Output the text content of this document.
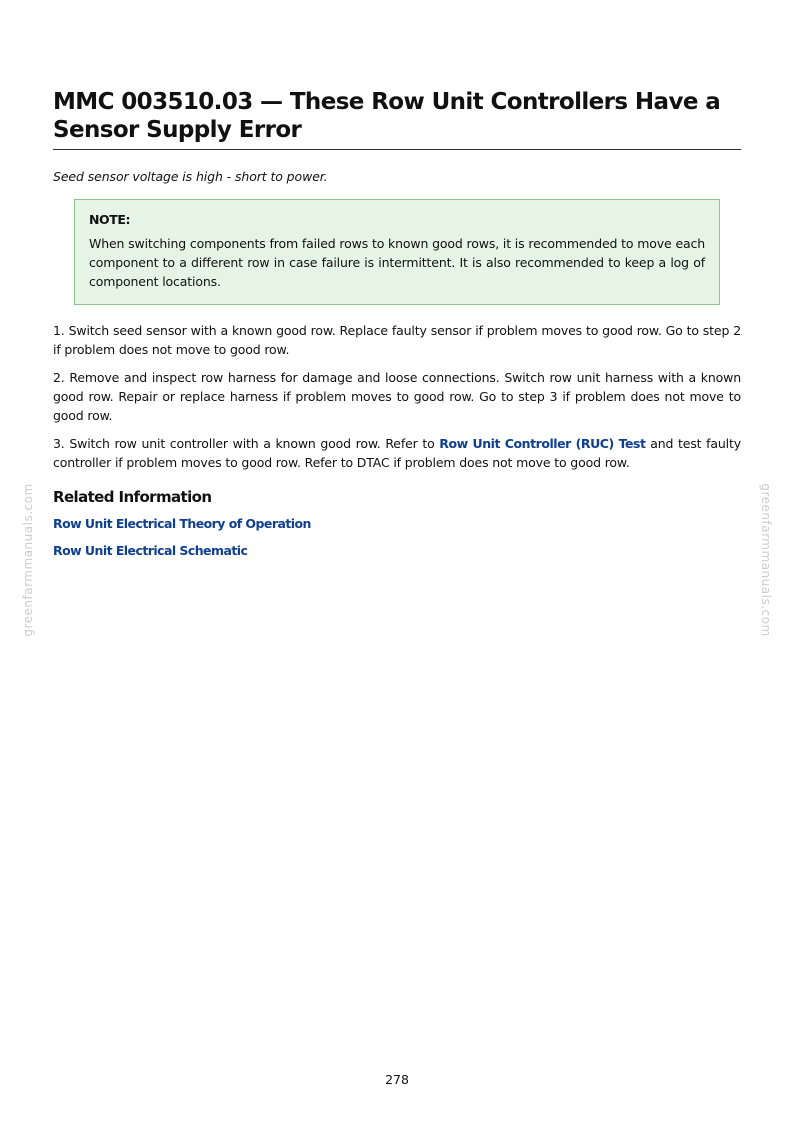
greenfarmmanuals.com	greenfarmmanuals.com
MMC 003510.03 — These Row Unit Controllers Have a Sensor Supply Error

Seed sensor voltage is high - short to power.

NOTE:

When switching components from failed rows to known good rows, it is recommended to move each component to a different row in case failure is intermittent. It is also recommended to keep a log of component locations.

1. Switch seed sensor with a known good row. Replace faulty sensor if problem moves to good row. Go to step 2 if problem does not move to good row.

2. Remove and inspect row harness for damage and loose connections. Switch row unit harness with a known good row. Repair or replace harness if problem moves to good row. Go to step 3 if problem does not move to good row.

3. Switch row unit controller with a known good row. Refer to Row Unit Controller (RUC) Test and test faulty controller if problem moves to good row. Refer to DTAC if problem does not move to good row.

Related Information
Row Unit Electrical Theory of Operation
Row Unit Electrical Schematic
278
